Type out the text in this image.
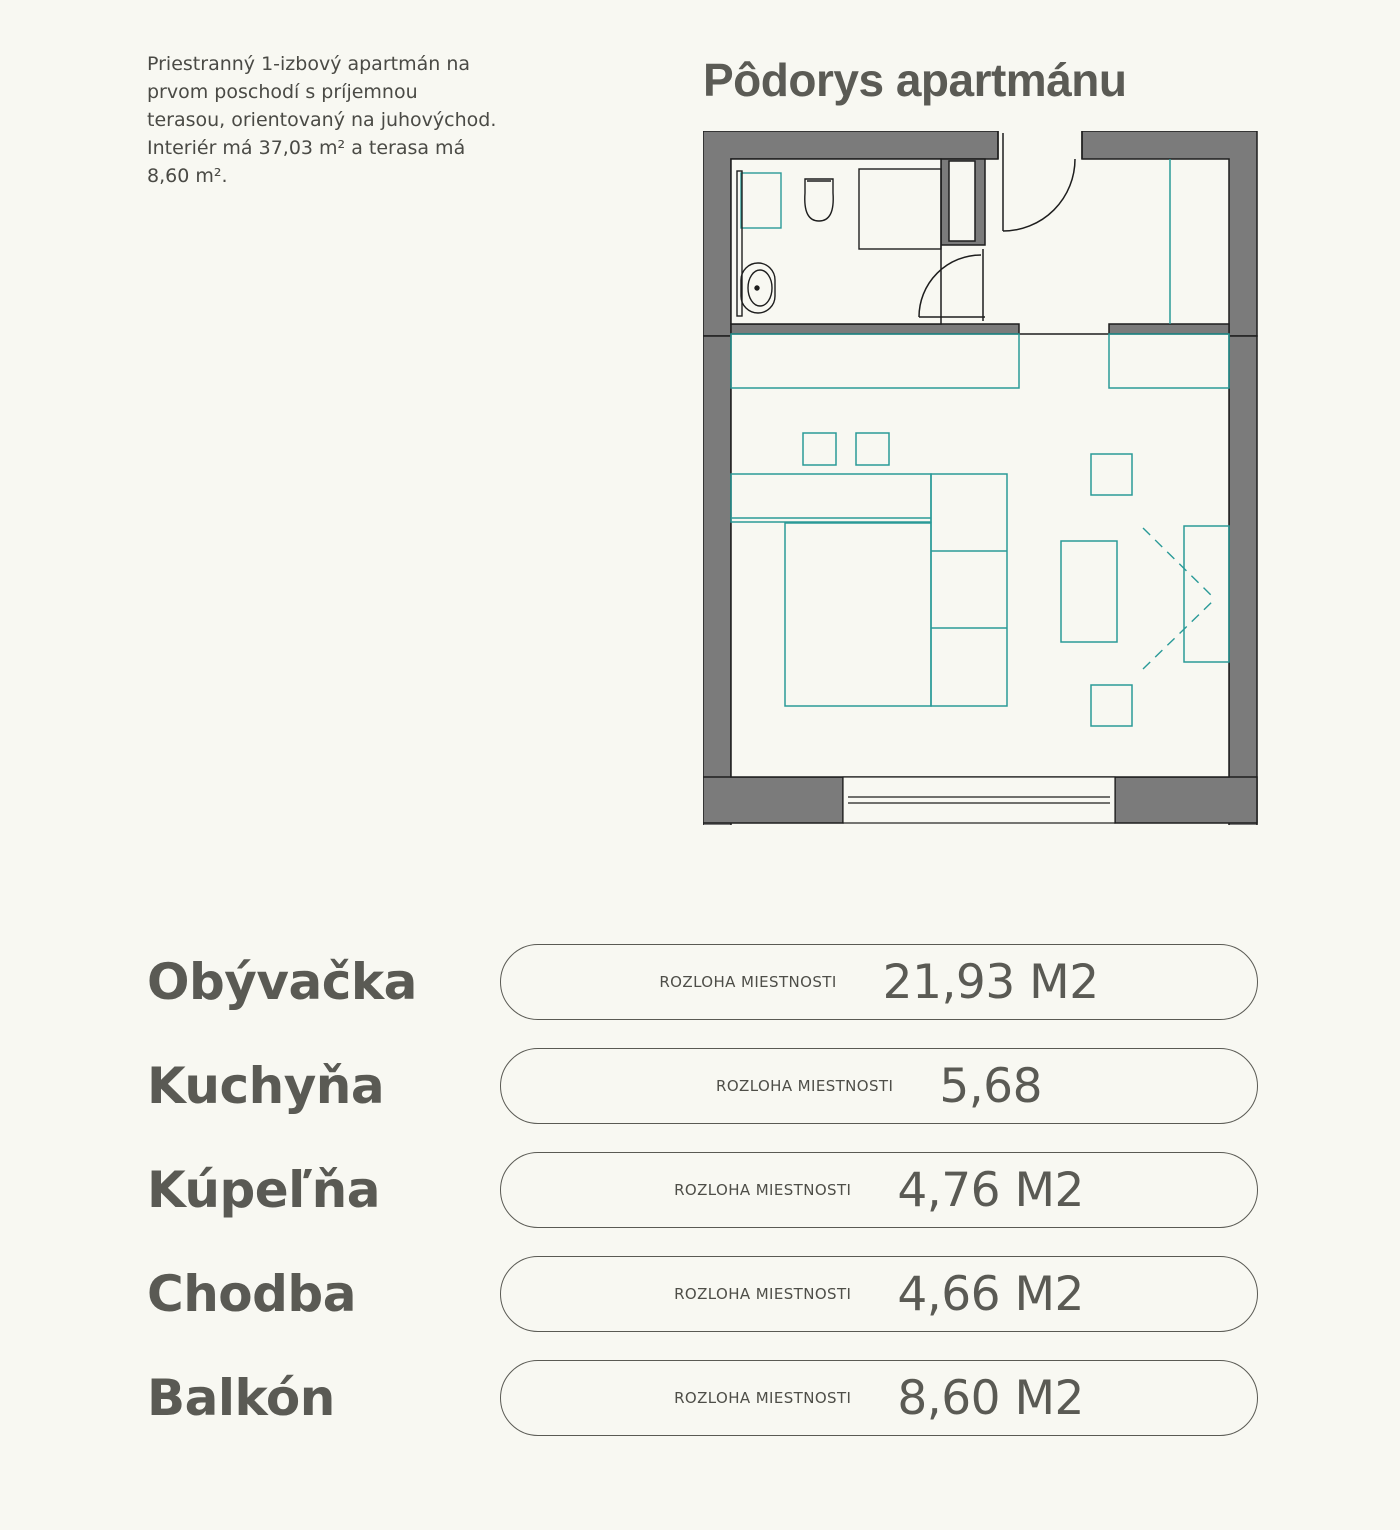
Priestranný 1-izbový apartmán na prvom poschodí s príjemnou terasou, orientovaný na juhovýchod. Interiér má 37,03 m² a terasa má 8,60 m².

Pôdorys apartmánu
Obývačka	ROZLOHA MIESTNOSTI 21,93 M2
Kuchyňa	ROZLOHA MIESTNOSTI 5,68
Kúpeľňa	ROZLOHA MIESTNOSTI 4,76 M2
Chodba	ROZLOHA MIESTNOSTI 4,66 M2
Balkón	ROZLOHA MIESTNOSTI 8,60 M2
